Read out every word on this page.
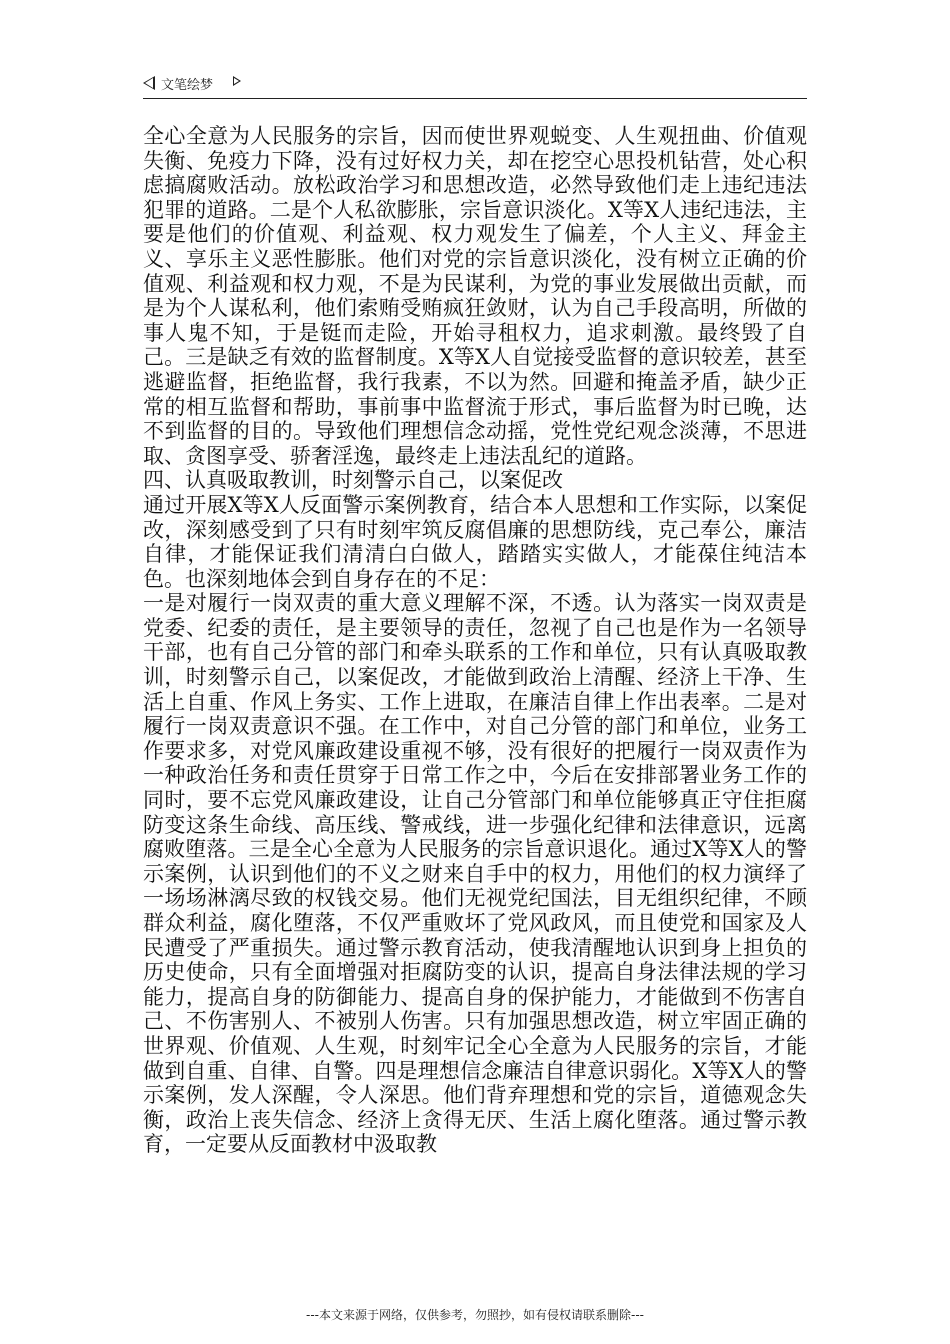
文笔绘梦

全心全意为人民服务的宗旨，因而使世界观蜕变、人生观扭曲、价值观失衡、免疫力下降，没有过好权力关，却在挖空心思投机钻营，处心积虑搞腐败活动。放松政治学习和思想改造，必然导致他们走上违纪违法犯罪的道路。二是个人私欲膨胀，宗旨意识淡化。X等X人违纪违法，主要是他们的价值观、利益观、权力观发生了偏差，个人主义、拜金主义、享乐主义恶性膨胀。他们对党的宗旨意识淡化，没有树立正确的价值观、利益观和权力观，不是为民谋利，为党的事业发展做出贡献，而是为个人谋私利，他们索贿受贿疯狂敛财，认为自己手段高明，所做的事人鬼不知，于是铤而走险，开始寻租权力，追求刺激。最终毁了自己。三是缺乏有效的监督制度。X等X人自觉接受监督的意识较差，甚至逃避监督，拒绝监督，我行我素，不以为然。回避和掩盖矛盾，缺少正常的相互监督和帮助，事前事中监督流于形式，事后监督为时已晚，达不到监督的目的。导致他们理想信念动摇，党性党纪观念淡薄，不思进取、贪图享受、骄奢淫逸，最终走上违法乱纪的道路。

四、认真吸取教训，时刻警示自己，以案促改

通过开展X等X人反面警示案例教育，结合本人思想和工作实际，以案促改，深刻感受到了只有时刻牢筑反腐倡廉的思想防线，克己奉公，廉洁自律，才能保证我们清清白白做人，踏踏实实做人，才能葆住纯洁本色。也深刻地体会到自身存在的不足：

一是对履行一岗双责的重大意义理解不深，不透。认为落实一岗双责是党委、纪委的责任，是主要领导的责任，忽视了自己也是作为一名领导干部，也有自己分管的部门和牵头联系的工作和单位，只有认真吸取教训，时刻警示自己，以案促改，才能做到政治上清醒、经济上干净、生活上自重、作风上务实、工作上进取，在廉洁自律上作出表率。二是对履行一岗双责意识不强。在工作中，对自己分管的部门和单位，业务工作要求多，对党风廉政建设重视不够，没有很好的把履行一岗双责作为一种政治任务和责任贯穿于日常工作之中，今后在安排部署业务工作的同时，要不忘党风廉政建设，让自己分管部门和单位能够真正守住拒腐防变这条生命线、高压线、警戒线，进一步强化纪律和法律意识，远离腐败堕落。三是全心全意为人民服务的宗旨意识退化。通过X等X人的警示案例，认识到他们的不义之财来自手中的权力，用他们的权力演绎了一场场淋漓尽致的权钱交易。他们无视党纪国法，目无组织纪律，不顾群众利益，腐化堕落，不仅严重败坏了党风政风，而且使党和国家及人民遭受了严重损失。通过警示教育活动，使我清醒地认识到身上担负的历史使命，只有全面增强对拒腐防变的认识，提高自身法律法规的学习能力，提高自身的防御能力、提高自身的保护能力，才能做到不伤害自己、不伤害别人、不被别人伤害。只有加强思想改造，树立牢固正确的世界观、价值观、人生观，时刻牢记全心全意为人民服务的宗旨，才能做到自重、自律、自警。四是理想信念廉洁自律意识弱化。X等X人的警示案例，发人深醒，令人深思。他们背弃理想和党的宗旨，道德观念失衡，政治上丧失信念、经济上贪得无厌、生活上腐化堕落。通过警示教育，一定要从反面教材中汲取教

---本文来源于网络，仅供参考，勿照抄，如有侵权请联系删除---
